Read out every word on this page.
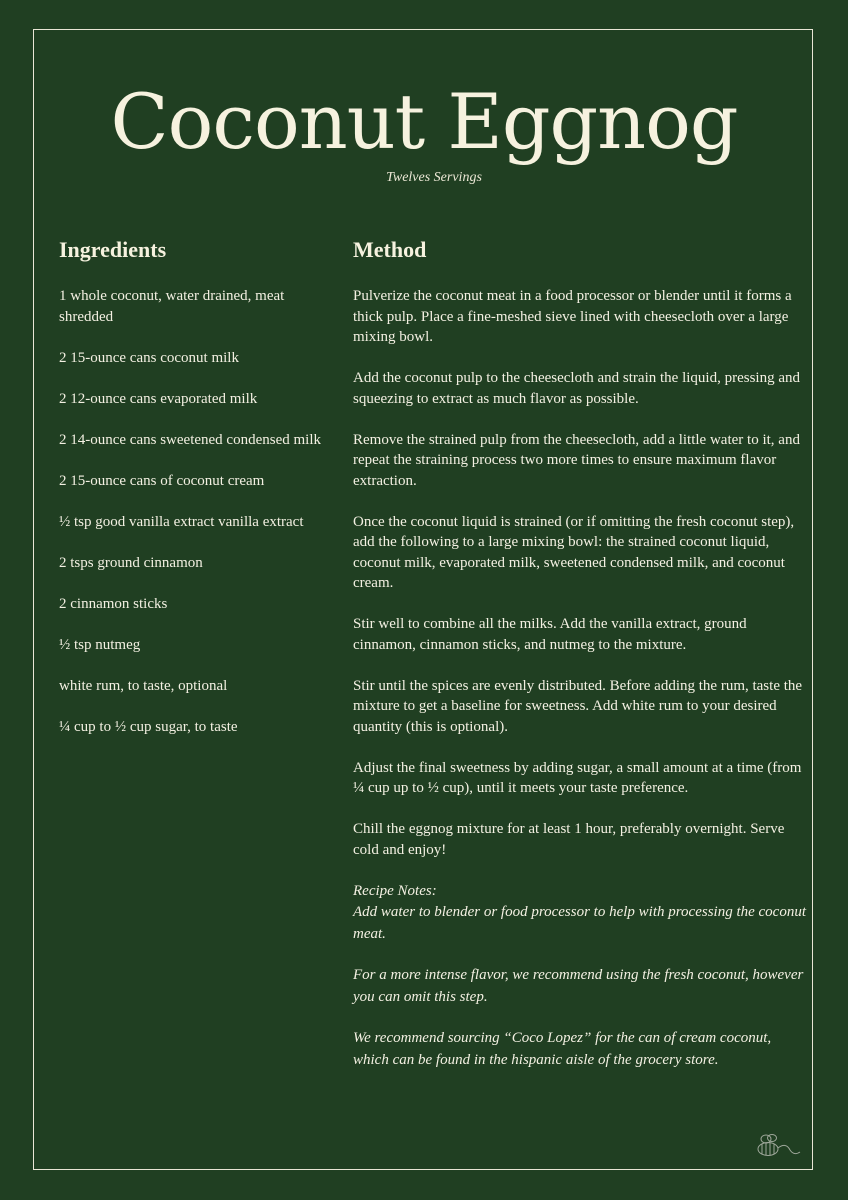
Coconut Eggnog

Twelves Servings

Ingredients
1 whole coconut, water drained, meat shredded
2 15-ounce cans coconut milk
2 12-ounce cans evaporated milk
2 14-ounce cans sweetened condensed milk
2 15-ounce cans of coconut cream
½ tsp good vanilla extract vanilla extract
2 tsps ground cinnamon
2 cinnamon sticks
½ tsp nutmeg
white rum, to taste, optional
¼ cup to ½ cup sugar, to taste
Method

Pulverize the coconut meat in a food processor or blender until it forms a thick pulp. Place a fine-meshed sieve lined with cheesecloth over a large mixing bowl.

Add the coconut pulp to the cheesecloth and strain the liquid, pressing and squeezing to extract as much flavor as possible.

Remove the strained pulp from the cheesecloth, add a little water to it, and repeat the straining process two more times to ensure maximum flavor extraction.

Once the coconut liquid is strained (or if omitting the fresh coconut step), add the following to a large mixing bowl: the strained coconut liquid, coconut milk, evaporated milk, sweetened condensed milk, and coconut cream.

Stir well to combine all the milks. Add the vanilla extract, ground cinnamon, cinnamon sticks, and nutmeg to the mixture.

Stir until the spices are evenly distributed. Before adding the rum, taste the mixture to get a baseline for sweetness. Add white rum to your desired quantity (this is optional).

Adjust the final sweetness by adding sugar, a small amount at a time (from ¼ cup up to ½ cup), until it meets your taste preference.

Chill the eggnog mixture for at least 1 hour, preferably overnight. Serve cold and enjoy!

Recipe Notes:
Add water to blender or food processor to help with processing the coconut meat.

For a more intense flavor, we recommend using the fresh coconut, however you can omit this step.

We recommend sourcing “Coco Lopez” for the can of cream coconut, which can be found in the hispanic aisle of the grocery store.
